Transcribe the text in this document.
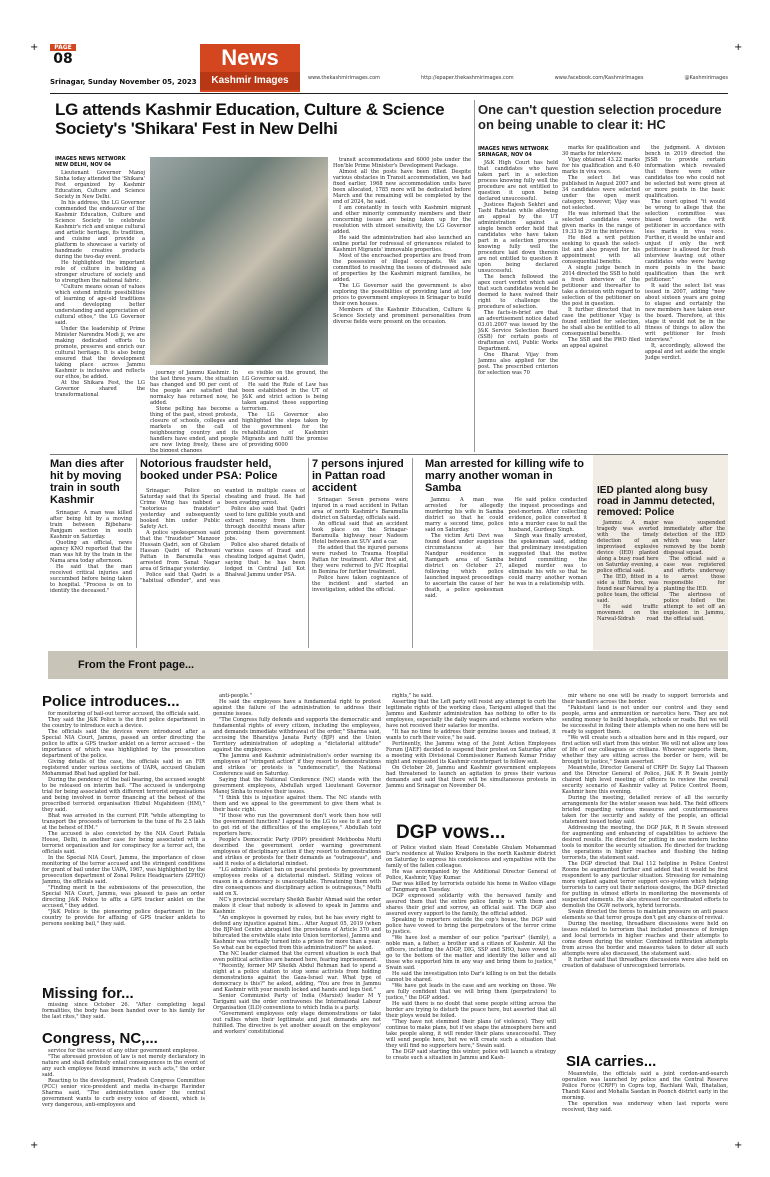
+	+
PAGE
08	News
Kashmir Images
Srinagar, Sunday November 05, 2023	www.thekashmirimages.com	http://epaper.thekashmirimages.com	www.facebook.com/KashmirImages	@Kashmirimages
LG attends Kashmir Education, Culture & Science Society's 'Shikara' Fest in New Delhi
IMAGES NEWS NETWORK
NEW DELHI, NOV 04

Lieutenant Governor Manoj Sinha today attended the 'Shikara' Fest organized by Kashmir Education, Culture and Science Society in New Delhi.

In his address, the LG Governor commended the endeavour of the Kashmir Education, Culture and Science Society to celebrate Kashmir's rich and unique cultural and artistic heritage, its tradition, and cuisine and provide a platform to showcase a variety of handmade creative products during the two-day event.

He highlighted the important role of culture in building a stronger structure of society and to strengthen the national fabric.

"Culture means ocean of values which extend infinite possibilities of learning of age-old traditions and developing better understanding and appreciation of cultural ethos," the LG Governor said.

Under the leadership of Prime Minister Narendra Modi ji, we are making dedicated efforts to promote, preserve and enrich our cultural heritage. It is also being ensured that the development taking place across Jammu Kashmir is inclusive and reflects our ethos, he added.

At the Shikara Fest, the LG Governor shared the transformational

journey of Jammu Kashmir. In the last three years, the situation has changed and 90 per cent of the people are satisfied that normalcy has returned now, he added.

Stone pelting has become a thing of the past, street protests, closure of schools, colleges and markets on the call of neighbouring country and its handlers have ended, and people are now living freely, these are the biggest changes

es visible on the ground, the LG Governor said.

He said the Rule of Law has been established in the UT of J&K and strict action is being taken against those supporting terrorism.

The LG Governor also highlighted the steps taken by the government for the rehabilitation of Kashmiri Migrants and fulfil the promise of providing 6000

transit accommodations and 6000 jobs under the Hon'ble Prime Minister's Development Package.

Almost all the posts have been filled. Despite various obstacles in Transit accommodation, we had fixed earlier, 1968 new accommodation units have been allocated, 1785 more will be dedicated before March and the remaining will be completed by the end of 2024, he said.

I am constantly in touch with Kashmiri migrant and other minority community members and their concerning issues are being taken up for the resolution with utmost sensitivity, the LG Governor added.

He said the administration had also launched an online portal for redressal of grievances related to Kashmiri Migrants' immovable properties.

Most of the encroached properties are freed from the possession of illegal occupants. We are committed to resolving the issues of distressed sale of properties by the Kashmiri migrant families, he added.

The LG Governor said the government is also exploring the possibilities of providing land at low prices to government employees in Srinagar to build their own houses.

Members of the Kashmir Education, Culture & Science Society and prominent personalities from diverse fields were present on the occasion.

One can't question selection procedure on being unable to clear it: HC
IMAGES NEWS NETWORK
SRINAGAR, NOV 04

J&K High Court has held that candidates who have taken part in a selection process knowing fully well the procedure are not entitled to question it upon being declared unsuccessful.

Justices Rajesh Sekhri and Tashi Rabstan while allowing an appeal by the UT administration against a single bench order held that candidates who have taken part in a selection process knowing fully well the procedure laid down therein are not entitled to question it upon being declared unsuccessful.

The bench followed the apex court verdict which said that such candidates would be deemed to have waived their right to challenge the procedure of selection.

The facts-in-brief are that an advertisement notice dated 03.01.2007 was issued by the J&K Service Selection Board (SSB) for certain posts of draftsman civil, Public Works Department.

One Bharat Vijay from Jammu also applied for the post. The prescribed criterion for selection was 70

marks for qualification and 30 marks for interview.

Vijay obtained 43.22 marks for his qualification and 6.40 marks in viva voce.

The select list was published in August 2007 and 34 candidates were selected under the open merit category, however, Vijay was not selected.

He was informed that the selected candidates were given marks in the range of 19.33 to 29 in the interview.

He filed a writ petition seeking to quash the select-list and also prayed for his appointment with all consequential benefits.

A single judge bench in 2014 directed the SSB to hold a fresh interview of the petitioner and thereafter to take a decision with regard to selection of the petitioner on the post in question.

It further directed that in case the petitioner Vijay is found entitled for selection, he shall also be entitled to all consequential benefits.

The SSB and the PWD filed an appeal against

the judgment. A division bench in 2019 directed the JSSB to provide certain information which revealed that there were other candidates too who could not be selected but were given at or more points in the basic qualification.

The court opined "it would be wrong to allege that the selection committee was biased towards the writ petitioner in accordance with less marks in viva voce. Further, it would be unfair and unjust if only the writ petitioner is allowed for fresh interview leaving out other candidates who were having more points in the basic qualification than the writ petitioner."

It said the select list was issued in 2007, adding "now about sixteen years are going to elapse and certainly the new members have taken over the board. Therefore, at this stage it would not be in the fitness of things to allow the writ petitioner for fresh interview."

It, accordingly, allowed the appeal and set aside the single Judge verdict.

Man dies after hit by moving train in south Kashmir

Srinagar: A man was killed after being hit by a moving train between Bijbehara-Panjgam section in south Kashmir on Saturday.

Quoting an official, news agency KNO reported that the man was hit by the train in the Nama area today afternoon.

He said that the man received critical injuries and succumbed before being taken to hospital. "Process is on to identify the deceased."

Notorious fraudster held, booked under PSA: Police

Srinagar: Police on Saturday said that its Special Crime Wing has nabbed a "notorious fraudster" yesterday and subsequently booked him under Public Safety Act.

A police spokesperson said that the "fraudster" Manzoor Hussain Qadri, son of Ghulam Hassan Qadri of Pachwani Pattan in Baramulla was arrested from Sanat Nagar area of Srinagar yesterday.

Police said that Qadri is a "habitual offender", and was wanted in multiple cases of cheating and fraud. He had been evading arrest.

Police also said that Qadri used to lure gullible youth and extract money from them through deceitful means after promising them government jobs.

Police also shared details of various cases of fraud and cheating lodged against Qadri, saying that he has been lodged in Central Jail Kot Bhalwal Jammu under PSA.

7 persons injured in Pattan road accident

Srinagar: Seven persons were injured in a road accident in Pattan area of north Kashmir's Baramulla district on Saturday, officials said.

An official said that an accident took place on the Srinagar-Baramulla highway near Nadeem Hotel between an SUV and a car.

He added that the injured persons were rushed to Trauma Hospital Pattan for treatment. After first aid, they were referred to JVC Hospital in Bemina for further treatment.

Police have taken cognizance of the incident and started an investigation, added the official.

Man arrested for killing wife to marry another woman in Samba

Jammu: A man was arrested for allegedly murdering his wife in Samba district so that he could marry a second time, police said on Saturday.

The victim Arti Devi was found dead under suspicious circumstances at her Nandpur residence in Ramgarh area of Samba district on October 27, following which police launched inquest proceedings to ascertain the cause of her death, a police spokesman said.

He said police conducted the inquest proceedings and post-mortem. After collecting evidence, police converted it into a murder case to nail the husband, Gurdeep Singh.

Singh was finally arrested, the spokesman said, adding that preliminary investigation suggested that the motive behind committing the alleged murder was to eliminate his wife so that he could marry another woman he was in a relationship with.

IED planted along busy road in Jammu detected, removed: Police

Jammu: A major tragedy was averted with the timely detection of an improvised explosive device (IED) planted along a busy road here on Saturday evening, a police official said.

The IED, fitted in a side a tiffin box, was found near Narwal by a police team, the official said.

He said traffic movement on the Narwal-Sidrah road was suspended immediately after the detection of the IED which was later removed by the bomb disposal squad.

The official said a case was registered and efforts underway to arrest those responsible for planting the IED.

The alertness of police foiled the attempt to set off an explosion in Jammu, the official said.

From the Front page...
Police introduces...

for monitoring of bail-out terror accused, the officials said.

They said the J&K Police is the first police department in the country to introduce such a device.

The officials said the devices were introduced after a Special NIA Court, Jammu, passed an order directing the police to affix a GPS tracker anklet on a terror accused – the importance of which was highlighted by the prosecution department of the police.

Giving details of the case, the officials said in an FIR registered under various sections of UAPA, accused Ghulam Mohammad Bhat had applied for bail.

During the pendency of the bail hearing, the accused sought to be released on interim bail. "The accused is undergoing trial for being associated with different terrorist organisations and being involved in terror financing at the behest of the proscribed terrorist organisation Hizbul Mujahideen (HM)," they said.

Bhat was arrested in the current FIR "while attempting to transport the proceeds of terrorism to the tune of Rs 2.5 lakh at the behest of HM."

The accused is also convicted by the NIA Court Patiala House, Delhi, in another case for being associated with a terrorist organisation and for conspiracy for a terror act, the officials said.

In the Special NIA Court, Jammu, the importance of close monitoring of the terror accused and the stringent conditions for grant of bail under the UAPA, 1967, was highlighted by the prosecution department of Zonal Police Headquarters (ZPHQ) Jammu, the officials said.

"Finding merit in the submissions of the prosecution, the Special NIA Court, Jammu, was pleased to pass an order directing J&K Police to affix a GPS tracker anklet on the accused," they added.

"J&K Police is the pioneering police department in the country to provide for affixing of GPS tracker anklets to persons seeking bail," they said.

Missing for...

missing since October 26. "After completing legal formalities, the body has been handed over to his family for the last rites," they said.

Congress, NC,...

service for the service of any other government employee.

"The aforesaid provision of law is not merely declaratory in nature and shall definitely entail consequences in the event of any such employee found immersive in such acts," the order said.

Reacting to the development, Pradesh Congress Committee (PCC) senior vice-president and media in-charge Ravinder Sharma said, "The administration under the central government wants to curb every voice of dissent, which is very dangerous, anti-employees and

anti-people."

He said the employees have a fundamental right to protest against the failure of the administration to address their genuine issues.

"The Congress fully defends and supports the democratic and fundamental rights of every citizen, including the employees, and demands immediate withdrawal of the order," Sharma said, accusing the Bharatiya Janata Party (BJP) and the Union Territory administration of adopting a "dictatorial attitude" against the employees.

The Jammu and Kashmir administration's order warning its employees of "stringent action" if they resort to demonstrations and strikes or protests is "undemocratic", the National Conference said on Saturday.

Saying that the National Conference (NC) stands with the government employees, Abdullah urged Lieutenant Governor Manoj Sinha to resolve their issues.

"I think this is injustice against them. The NC stands with them and we appeal to the government to give them what is their basic right.

"If those who run the government don't work then how will the government function? I appeal to the LG to see to it and try to get rid of the difficulties of the employees," Abdullah told reporters here.

People's Democratic Party (PDP) president Mehbooba Mufti described the government order warning government employees of disciplinary action if they resort to demonstrations and strikes or protests for their demands as "outrageous", and said it reeks of a dictatorial mindset.

"LG admin's blanket ban on peaceful protests by government employees reeks of a dictatorial mindset. Stifling voices of reason in a democracy is unacceptable. Threatening them with dire consequences and disciplinary action is outrageous," Mufti said on X.

NC's provincial secretary Sheikh Bashir Ahmad said the order makes it clear that nobody is allowed to speak in Jammu and Kashmir.

"An employee is governed by rules, but he has every right to defend any injustice against him... After August 05, 2019 (when the BJP-led Centre abrogated the provisions of Article 370 and bifurcated the erstwhile state into Union territories), Jammu and Kashmir was virtually turned into a prison for more than a year. So what can be expected from this administration?" he asked.

The NC leader claimed that the current situation is such that even political activities are banned here, fearing imprisonment.

"Recently, former MP Sheikh Abdul Rehman had to spend a night at a police station to stop some activists from holding demonstrations against the Gaza-Israel war. What type of democracy is this?" he asked, adding, "You are free in Jammu and Kashmir with your mouth locked and hands and legs tied."

Senior Communist Party of India (Marxist) leader M Y Tarigami said the order contravenes the International Labour Organisation (ILO) conventions to which India is a party.

"Government employees only stage demonstrations or take out rallies when their legitimate and just demands are not fulfilled. The directive is yet another assault on the employees' and workers' constitutional

rights," he said.

Asserting that the Left party will resist any attempt to curb the legitimate rights of the working class, Tarigami alleged that the Jammu and Kashmir administration has nothing to offer to its employees, especially the daily wagers and scheme workers who have not received their salaries for months.

"It has no time to address their genuine issues and instead, it wants to curb their voice," he said.

Pertinently, the Jammu wing of the Joint Action Employees Forum (JAEF) decided to suspend their protest on Saturday after a meeting with Divisional Commissioner Ramesh Kumar Friday night and requested its Kashmir counterpart to follow suit.

On October 26, Jammu and Kashmir government employees had threatened to launch an agitation to press their various demands and said that there will be simultaneous protests in Jammu and Srinagar on November 04.

DGP vows...

of Police visited slain Head Constable Ghulam Mohammad Dar's residence at Wailoo Kralpora in the north Kashmir district on Saturday to express his condolences and sympathise with the family of the fallen colleague.

He was accompanied by the Additional Director General of Police, Kashmir, Vijay Kumar.

Dar was killed by terrorists outside his home in Wailoo village of Tangmarg on Tuesday.

DGP expressed solidarity with the bereaved family and assured them that the entire police family is with them and shares their grief and sorrow, an official said. The DGP also assured every support to the family, the official added.

Speaking to reporters outside the cop's house, the DGP said police have vowed to bring the perpetrators of the terror crime to justice.

"We have lost a member of our police "parivar" (family), a noble man, a father, a brother and a citizen of Kashmir. All the officers, including the ADGP, DIG, SSP and SHO, have vowed to go to the bottom of the matter and identify the killer and all those who supported him in any way and bring them to justice," Swain said.

He said the investigation into Dar's killing is on but the details cannot be shared.

"We have got leads in the case and are working on those. We are fully confident that we will bring them (perpetrators) to justice," the DGP added.

He said there is no doubt that some people sitting across the border are trying to disturb the peace here, but asserted that all their ploys would be foiled.

"They have not stemmed their plans (of violence). They will continue to make plans, but if we shape the atmosphere here and take people along, it will render their plans unsuccessful. They will send people here, but we will create such a situation that they will find no supporters here," Swain said.

The DGP said starting this winter, police will launch a strategy to create such a situation in Jammu and Kash-

mir where no one will be ready to support terrorists and their handlers across the border.

"Pakistani land is not under our control and they send people, arms and ammunition or narcotics here. They are not sending money to build hospitals, schools or roads. But we will be successful in foiling their attempts when no one here will be ready to support them.

"We will create such a situation here and in this regard, our first action will start from this winter. We will not allow any loss of life of our colleagues or civilians. Whoever supports them, whether they are sitting across the border or here, will be brought to justice," Swain asserted.

Meanwhile, Director General of CRPF Dr. Sujoy Lal Thaosen and the Director General of Police, J&K R R Swain jointly chaired high level meeting of officers to review the overall security scenario of Kashmir valley at Police Control Room, Kashmir here this evening.

During the meeting, detailed review of all the security arrangements for the winter season was held. The field officers briefed regarding various measures and countermeasures taken for the security and safety of the people, an official statement issued today said.

Addressing the meeting, the DGP J&K, R R Swain stressed for augmenting and enhancing of capabilities to achieve the desired results. He directed for putting in use modern techno tools to monitor the security situation. He directed for tracking the operations in higher reaches and flushing the hiding terrorists, the statement said.

The DGP directed that Dial 112 helpline in Police Control Rooms be augmented further and added that it would be first respondent to any particular situation. Stressing for remaining more vigilant against terror support eco-system which helping terrorists to carry out their nefarious designs, the DGP directed for putting in utmost efforts in monitoring the movements of suspected elements. He also stressed for coordinated efforts to demolish the OGW network, hybrid terrorists.

Swain directed the forces to maintain pressure on anti peace elements so that terror groups don't get any chance of revival.

During the meeting, threadbare discussions were held on issues related to terrorism that included presence of foreign and local terrorists in higher reaches and their attempts to come down during the winter. Combined infiltration attempts from across the border and measures taken to deter all such attempts were also discussed, the statement said.

It further said that threadbare discussions were also held on creation of database of unrecognised terrorists.

SIA carries...

Meanwhile, the officials said a joint cordon-and-search operation was launched by police and the Central Reserve Police Force (CRPF) in Copra top, Bachlani Wali, Bhatalian, Thandi Kassi and Mohalla Saedan in Poonch district early in the morning.

The operation was underway when last reports were received, they said.

+	+
